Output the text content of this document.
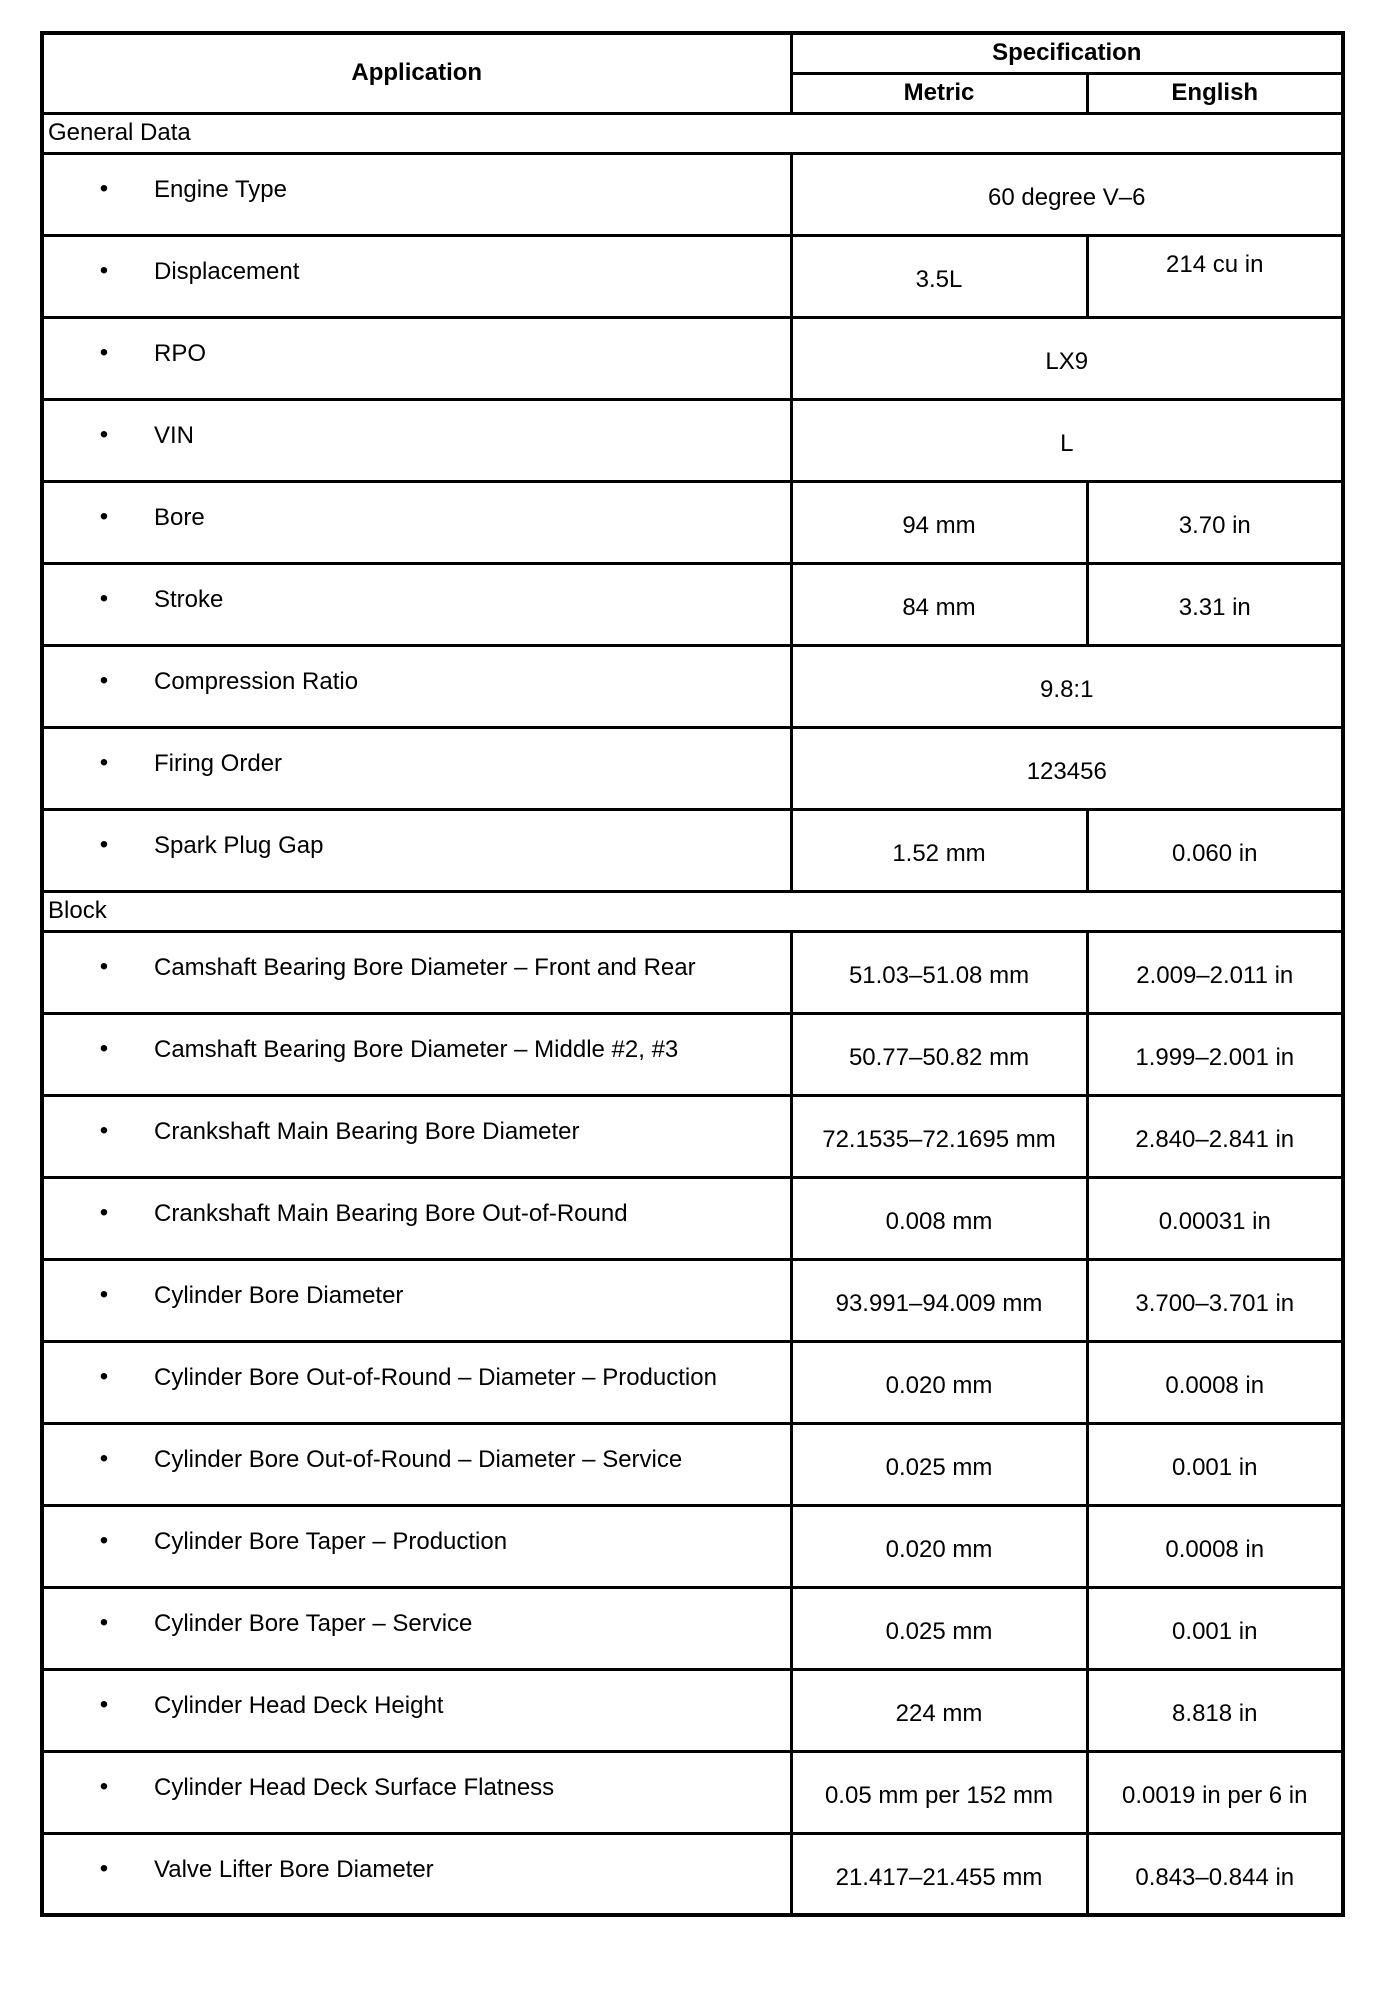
Application	Specification	
	Metric	English
General Data		

• Engine Type	60 degree V–6	

• Displacement	3.5L	214 cu in

• RPO	LX9	

• VIN	L	

• Bore	94 mm	3.70 in

• Stroke	84 mm	3.31 in

• Compression Ratio	9.8:1	

• Firing Order	123456	

• Spark Plug Gap	1.52 mm	0.060 in

Block		

• Camshaft Bearing Bore Diameter – Front and Rear	51.03–51.08 mm	2.009–2.011 in

• Camshaft Bearing Bore Diameter – Middle #2, #3	50.77–50.82 mm	1.999–2.001 in

• Crankshaft Main Bearing Bore Diameter	72.1535–72.1695 mm	2.840–2.841 in

• Crankshaft Main Bearing Bore Out-of-Round	0.008 mm	0.00031 in

• Cylinder Bore Diameter	93.991–94.009 mm	3.700–3.701 in

• Cylinder Bore Out-of-Round – Diameter – Production	0.020 mm	0.0008 in

• Cylinder Bore Out-of-Round – Diameter – Service	0.025 mm	0.001 in

• Cylinder Bore Taper – Production	0.020 mm	0.0008 in

• Cylinder Bore Taper – Service	0.025 mm	0.001 in

• Cylinder Head Deck Height	224 mm	8.818 in

• Cylinder Head Deck Surface Flatness	0.05 mm per 152 mm	0.0019 in per 6 in

• Valve Lifter Bore Diameter	21.417–21.455 mm	0.843–0.844 in
